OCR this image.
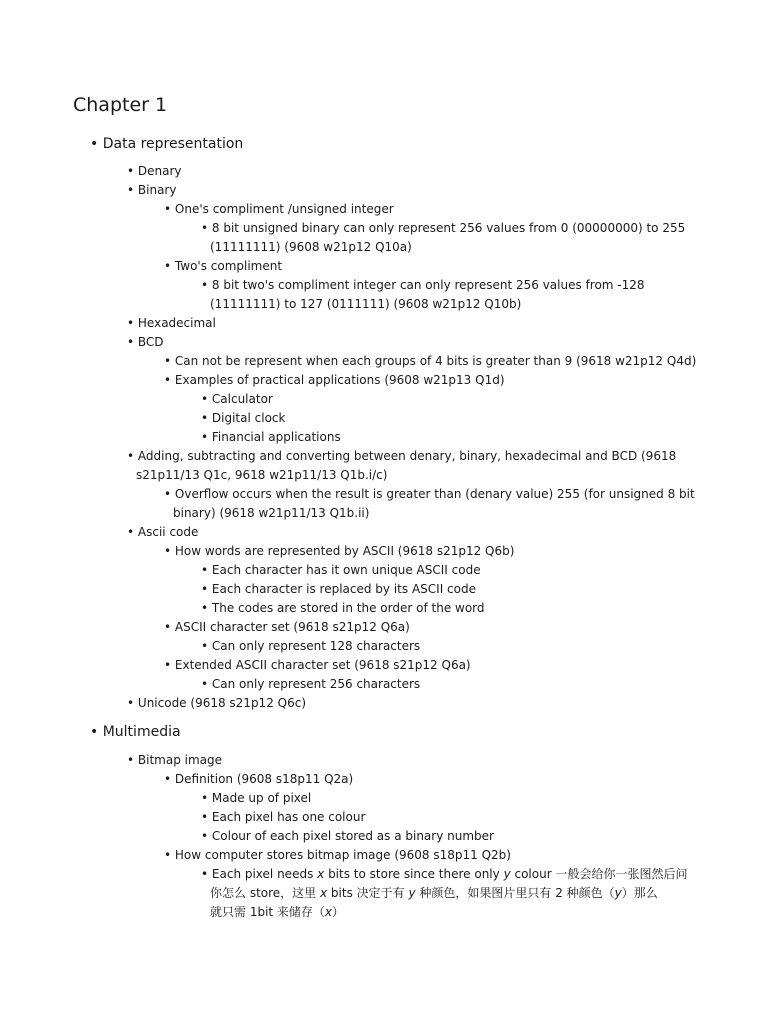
Chapter 1
• Data representation
• Denary
• Binary
• One's compliment /unsigned integer
• 8 bit unsigned binary can only represent 256 values from 0 (00000000) to 255
(11111111) (9608 w21p12 Q10a)
• Two's compliment
• 8 bit two's compliment integer can only represent 256 values from -128
(11111111) to 127 (0111111) (9608 w21p12 Q10b)
• Hexadecimal
• BCD
• Can not be represent when each groups of 4 bits is greater than 9 (9618 w21p12 Q4d)
• Examples of practical applications (9608 w21p13 Q1d)
• Calculator
• Digital clock
• Financial applications
• Adding, subtracting and converting between denary, binary, hexadecimal and BCD (9618
s21p11/13 Q1c, 9618 w21p11/13 Q1b.i/c)
• Overflow occurs when the result is greater than (denary value) 255 (for unsigned 8 bit
binary) (9618 w21p11/13 Q1b.ii)
• Ascii code
• How words are represented by ASCII (9618 s21p12 Q6b)
• Each character has it own unique ASCII code
• Each character is replaced by its ASCII code
• The codes are stored in the order of the word
• ASCII character set (9618 s21p12 Q6a)
• Can only represent 128 characters
• Extended ASCII character set (9618 s21p12 Q6a)
• Can only represent 256 characters
• Unicode (9618 s21p12 Q6c)
• Multimedia
• Bitmap image
• Definition (9608 s18p11 Q2a)
• Made up of pixel
• Each pixel has one colour
• Colour of each pixel stored as a binary number
• How computer stores bitmap image (9608 s18p11 Q2b)
• Each pixel needs x bits to store since there only y colour 一般会给你一张图然后问
你怎么 store，这里 x bits 决定于有 y 种颜色，如果图片里只有 2 种颜色（y）那么
就只需 1bit 来储存（x）
